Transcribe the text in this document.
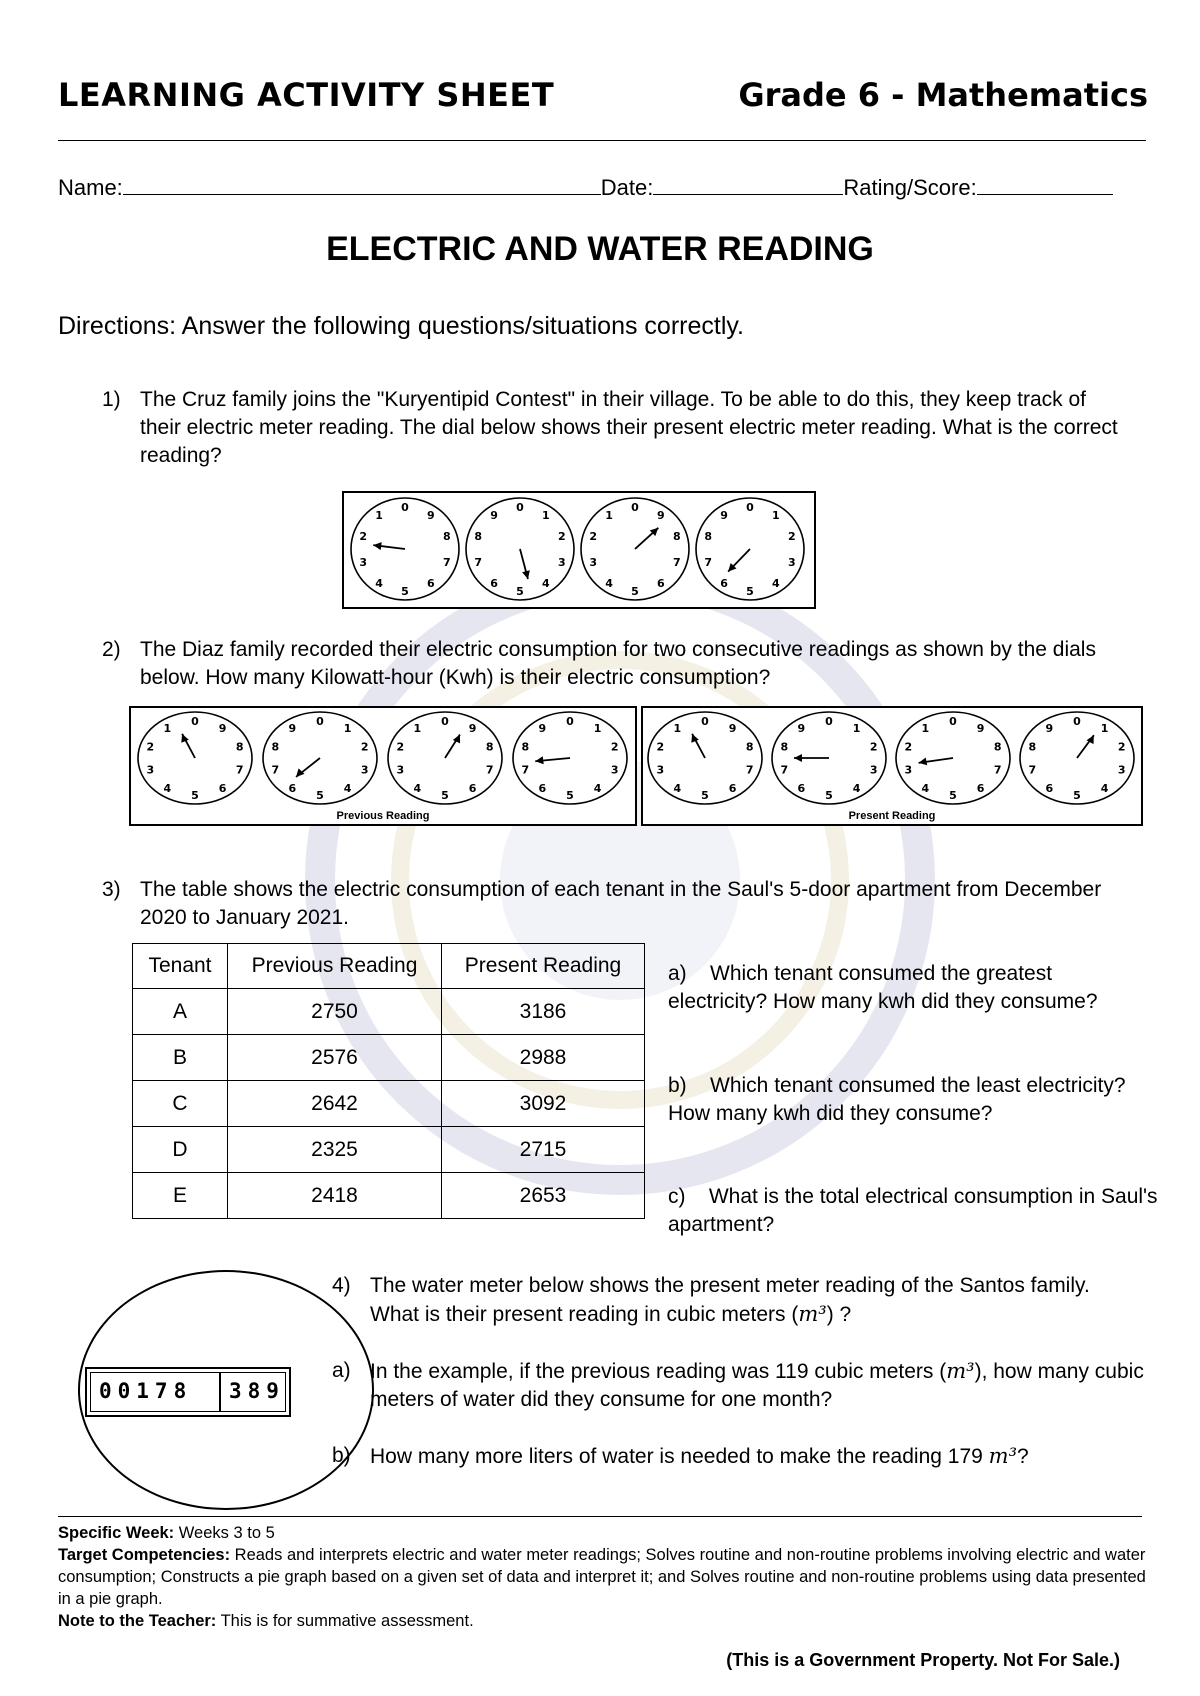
LEARNING ACTIVITY SHEET	Grade 6 - Mathematics
Name:	Date:	Rating/Score:
ELECTRIC AND WATER READING
Directions: Answer the following questions/situations correctly.
1) The Cruz family joins the "Kuryentipid Contest" in their village. To be able to do this, they keep track of their electric meter reading. The dial below shows their present electric meter reading. What is the correct reading?
0
1
2
3
4
5
6
7
8
9
0
1
2
3
4
5
6
7
8
9
0
1
2
3
4
5
6
7
8
9
0
1
2
3
4
5
6
7
8
9
2) The Diaz family recorded their electric consumption for two consecutive readings as shown by the dials below. How many Kilowatt-hour (Kwh) is their electric consumption?
0
1
2
3
4
5
6
7
8
9
0
1
2
3
4
5
6
7
8
9
0
1
2
3
4
5
6
7
8
9
0
1
2
3
4
5
6
7
8
9
Previous Reading
0
1
2
3
4
5
6
7
8
9
0
1
2
3
4
5
6
7
8
9
0
1
2
3
4
5
6
7
8
9
0
1
2
3
4
5
6
7
8
9
Present Reading
3) The table shows the electric consumption of each tenant in the Saul's 5-door apartment from December 2020 to January 2021.
Tenant	Previous Reading	Present Reading
A	2750	3186
B	2576	2988
C	2642	3092
D	2325	2715
E	2418	2653
a)    Which tenant consumed the greatest electricity? How many kwh did they consume?
b)    Which tenant consumed the least electricity? How many kwh did they consume?
c)    What is the total electrical consumption in Saul's apartment?
00178	389
4) The water meter below shows the present meter reading of the Santos family. What is their present reading in cubic meters (m³) ?
a) In the example, if the previous reading was 119 cubic meters (m³), how many cubic meters of water did they consume for one month?
b) How many more liters of water is needed to make the reading 179 m³?
Specific Week: Weeks 3 to 5
Target Competencies: Reads and interprets electric and water meter readings; Solves routine and non-routine problems involving electric and water consumption; Constructs a pie graph based on a given set of data and interpret it; and Solves routine and non-routine problems using data presented in a pie graph.
Note to the Teacher: This is for summative assessment.
(This is a Government Property. Not For Sale.)
